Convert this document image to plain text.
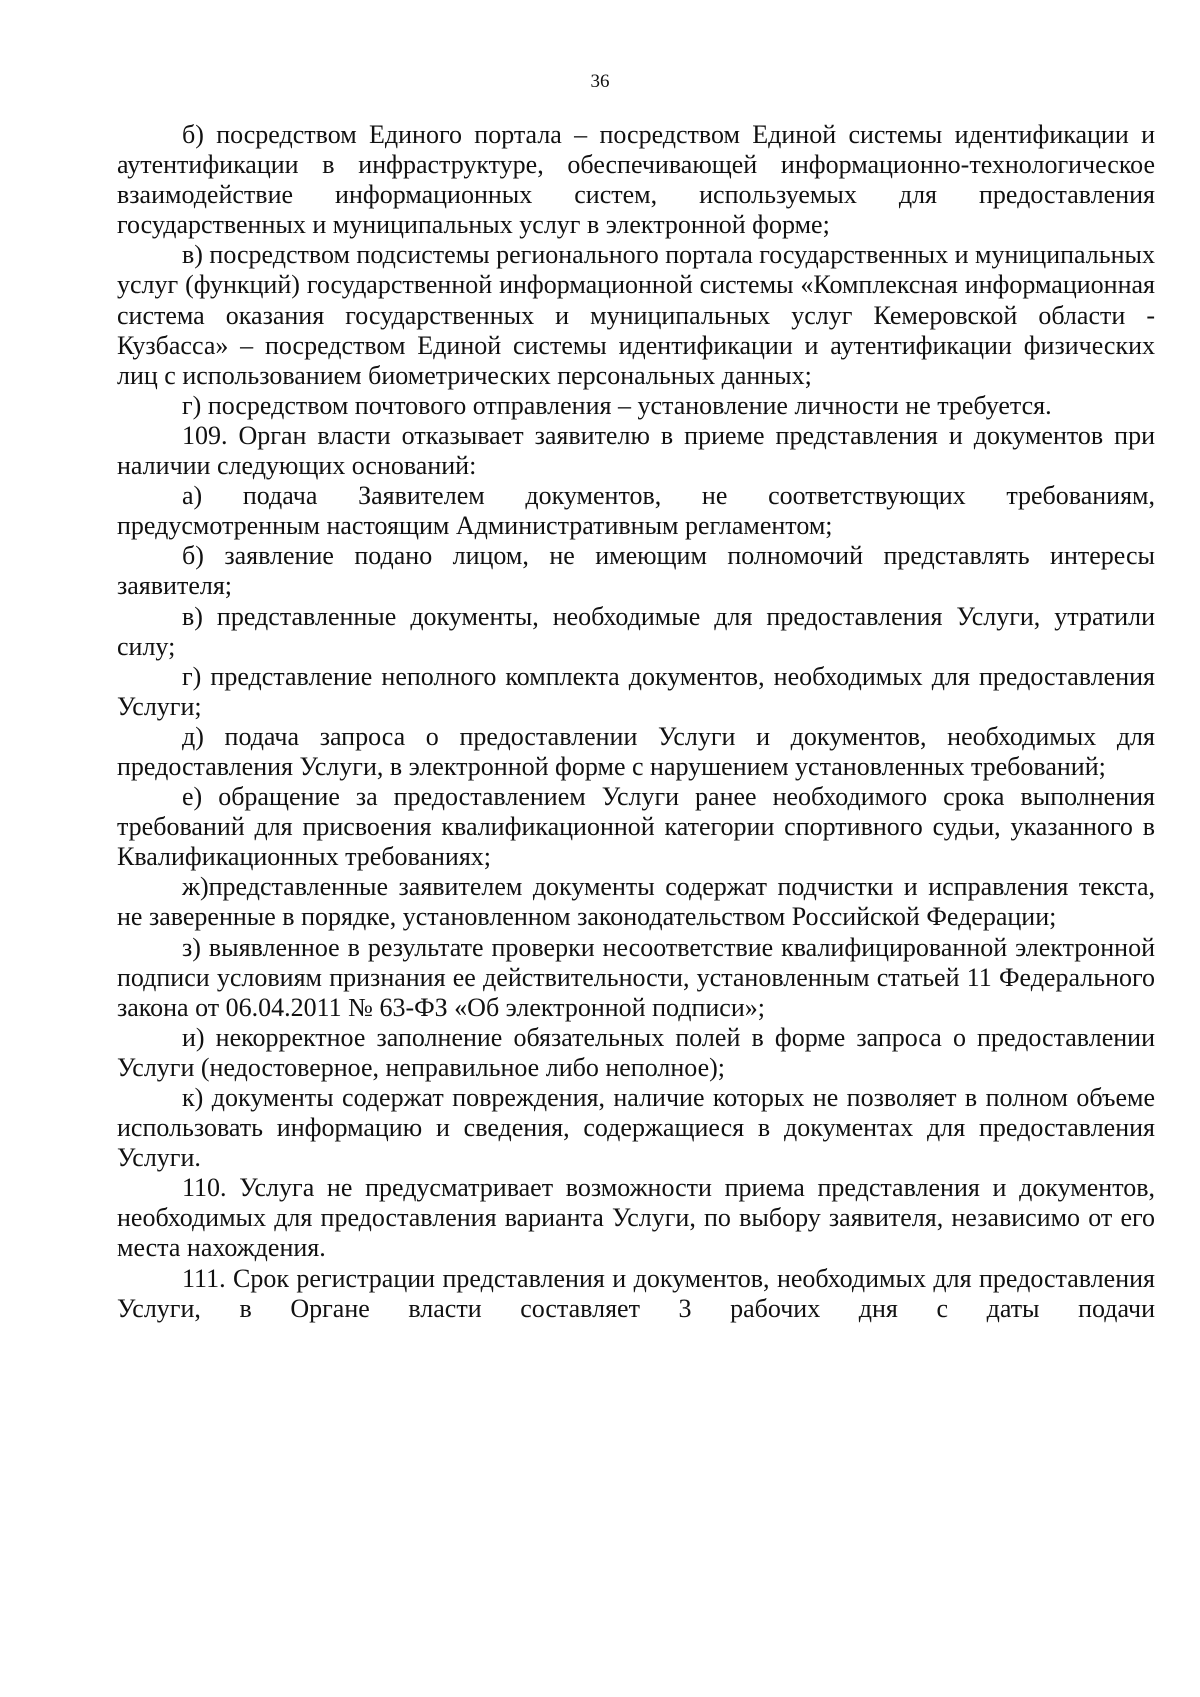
36

б) посредством Единого портала – посредством Единой системы идентификации и аутентификации в инфраструктуре, обеспечивающей информационно-технологическое взаимодействие информационных систем, используемых для предоставления государственных и муниципальных услуг в электронной форме;

в) посредством подсистемы регионального портала государственных и муниципальных услуг (функций) государственной информационной системы «Комплексная информационная система оказания государственных и муниципальных услуг Кемеровской области - Кузбасса» – посредством Единой системы идентификации и аутентификации физических лиц с использованием биометрических персональных данных;

г) посредством почтового отправления – установление личности не требуется.

109. Орган власти отказывает заявителю в приеме представления и документов при наличии следующих оснований:

а) подача Заявителем документов, не соответствующих требованиям, предусмотренным настоящим Административным регламентом;

б) заявление подано лицом, не имеющим полномочий представлять интересы заявителя;

в) представленные документы, необходимые для предоставления Услуги, утратили силу;

г) представление неполного комплекта документов, необходимых для предоставления Услуги;

д) подача запроса о предоставлении Услуги и документов, необходимых для предоставления Услуги, в электронной форме с нарушением установленных требований;

е) обращение за предоставлением Услуги ранее необходимого срока выполнения требований для присвоения квалификационной категории спортивного судьи, указанного в Квалификационных требованиях;

ж)представленные заявителем документы содержат подчистки и исправления текста, не заверенные в порядке, установленном законодательством Российской Федерации;

з) выявленное в результате проверки несоответствие квалифицированной электронной подписи условиям признания ее действительности, установленным статьей 11 Федерального закона от 06.04.2011 № 63-ФЗ «Об электронной подписи»;

и) некорректное заполнение обязательных полей в форме запроса о предоставлении Услуги (недостоверное, неправильное либо неполное);

к) документы содержат повреждения, наличие которых не позволяет в полном объеме использовать информацию и сведения, содержащиеся в документах для предоставления Услуги.

110. Услуга не предусматривает возможности приема представления и документов, необходимых для предоставления варианта Услуги, по выбору заявителя, независимо от его места нахождения.

111. Срок регистрации представления и документов, необходимых для предоставления Услуги, в Органе власти составляет 3 рабочих дня с даты подачи
